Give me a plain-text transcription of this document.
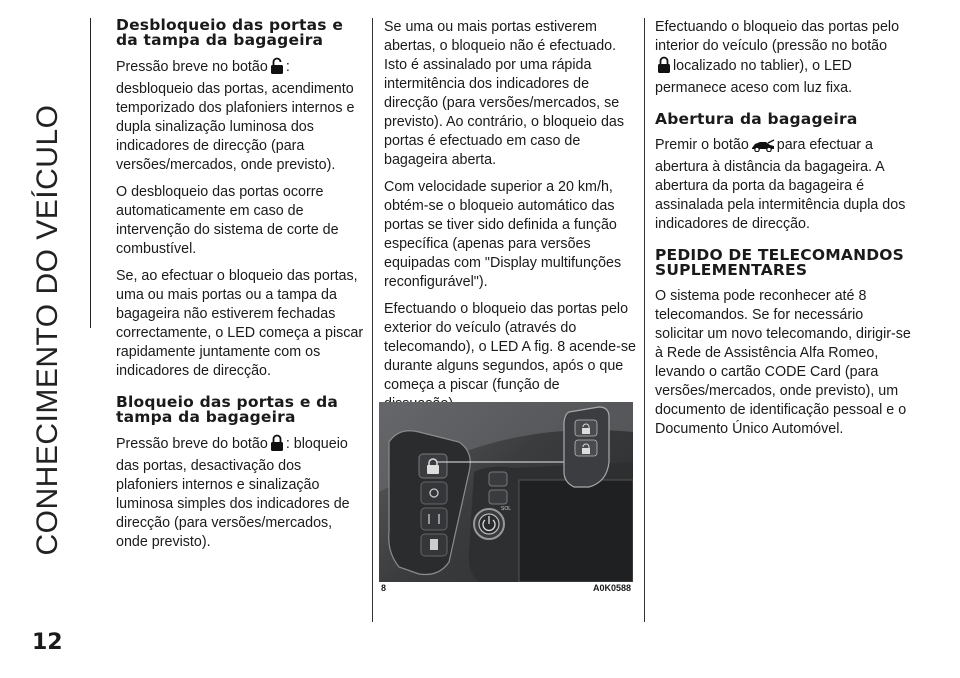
CONHECIMENTO DO VEÍCULO
Desbloqueio das portas e da tampa da bagageira

Pressão breve no botão : desbloqueio das portas, acendimento temporizado dos plafoniers internos e dupla sinalização luminosa dos indicadores de direcção (para versões/mercados, onde previsto).

O desbloqueio das portas ocorre automaticamente em caso de intervenção do sistema de corte de combustível.

Se, ao efectuar o bloqueio das portas, uma ou mais portas ou a tampa da bagageira não estiverem fechadas correctamente, o LED começa a piscar rapidamente juntamente com os indicadores de direcção.

Bloqueio das portas e da tampa da bagageira

Pressão breve do botão : bloqueio das portas, desactivação dos plafoniers internos e sinalização luminosa simples dos indicadores de direcção (para versões/mercados, onde previsto).

Se uma ou mais portas estiverem abertas, o bloqueio não é efectuado. Isto é assinalado por uma rápida intermitência dos indicadores de direcção (para versões/mercados, se previsto). Ao contrário, o bloqueio das portas é efectuado em caso de bagageira aberta.

Com velocidade superior a 20 km/h, obtém-se o bloqueio automático das portas se tiver sido definida a função específica (apenas para versões equipadas com "Display multifunções reconfigurável").

Efectuando o bloqueio das portas pelo exterior do veículo (através do telecomando), o LED A fig. 8 acende-se durante alguns segundos, após o que começa a piscar (função de

SOL
8	A0K0588

Efectuando o bloqueio das portas pelo interior do veículo (pressão no botão
localizado no tablier), o LED permanece aceso com luz fixa.

Abertura da bagageira

Premir o botão para efectuar a abertura à distância da bagageira. A abertura da porta da bagageira é assinalada pela intermitência dupla dos indicadores de direcção.

PEDIDO DE TELECOMANDOS SUPLEMENTARES

O sistema pode reconhecer até 8 telecomandos. Se for necessário solicitar um novo telecomando, dirigir-se à Rede de Assistência Alfa Romeo, levando o cartão CODE Card (para versões/mercados, onde previsto), um documento de identificação pessoal e o Documento Único Automóvel.

12
